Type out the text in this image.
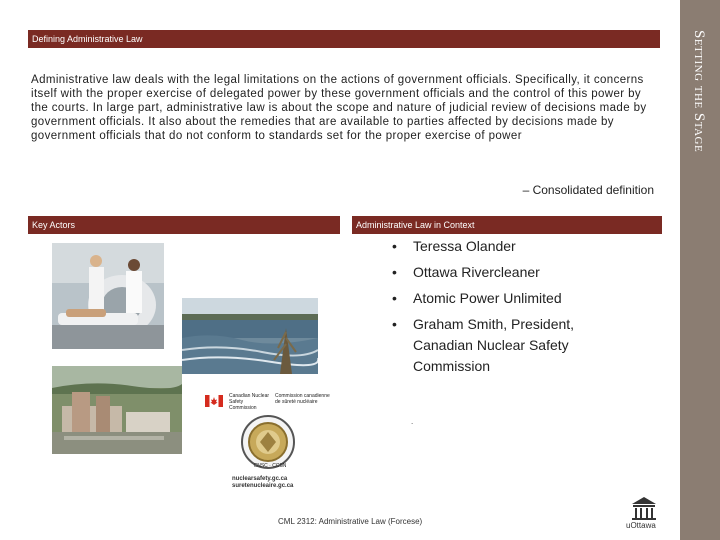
Setting the Stage
Defining Administrative Law
Administrative law deals with the legal limitations on the actions of government officials. Specifically, it concerns itself with the proper exercise of delegated power by these government officials and the control of this power by the courts. In large part, administrative law is about the scope and nature of judicial review of decisions made by government officials. It also about the remedies that are available to parties affected by decisions made by government officials that do not conform to standards set for the proper exercise of power
– Consolidated definition
Key Actors	Administrative Law in Context
Canadian Nuclear Safety Commission
Commission canadienne de sûreté nucléaire
CNSC · CCSN
nuclearsafety.gc.ca
suretenucleaire.gc.ca
• Teressa Olander
• Ottawa Rivercleaner
• Atomic Power Unlimited
• Graham Smith, President, Canadian Nuclear Safety Commission
.
CML 2312: Administrative Law (Forcese)	uOttawa
